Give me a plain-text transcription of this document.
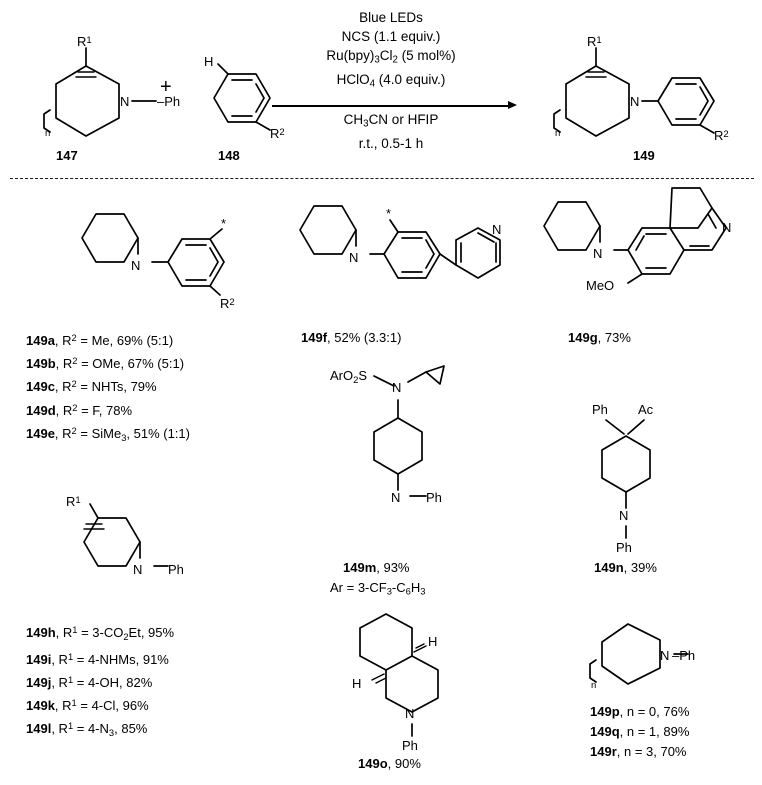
Blue LEDs
NCS (1.1 equiv.)
$Ru(bpy)_3Cl_2$ (5 mol%)
HClO$_4$ (4.0 equiv.)
$CH_3CN$ or HFIP
r.t., 0.5-1 h
$R^1$
N –Ph
n
147
+
H
$R^2$
148
$R^1$
N
n	$R^2$
149
N
*
$R^2$
149a, $R^2 = Me$, 69% (5:1)
149b, $R^2$ = OMe, 67% (5:1)
149c, $R^2$ = NHTs, 79%
149d, $R^2 = F$, 78%
149e, $R^2$ = SiMe$_3$, 51% (1:1)
N
*
N
149f, 52% (3.3:1)
N
N
MeO
149g, 73%
ArO$_2$S
N
N Ph
149m, 93%
$Ar = 3-CF_3-C_6H_3$
Ph Ac
N
Ph
149n, 39%
$R^1$
N Ph
149h, $R^1 = 3-CO_2Et$, 95%
149i, $R^1$ = 4-NHMs, 91%
149j, $R^1 = 4-OH$, 82%
149k, $R^1 = 4-Cl$, 96%
149l, $R^1 = 4-N_3$, 85%
H
H
N
Ph
149o, 90%
n
N –Ph
149p, n = 0, 76%
149q, n = 1, 89%
149r, n = 3, 70%
